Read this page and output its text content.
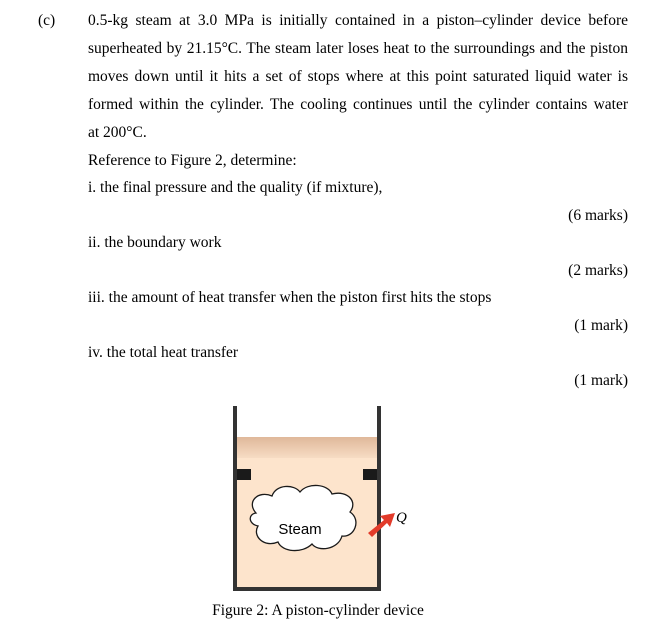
(c) 0.5-kg steam at 3.0 MPa is initially contained in a piston–cylinder device before
superheated by 21.15°C. The steam later loses heat to the surroundings and the piston
moves down until it hits a set of stops where at this point saturated liquid water is
formed within the cylinder. The cooling continues until the cylinder contains water
at 200°C.
Reference to Figure 2, determine:
i. the final pressure and the quality (if mixture),
(6 marks)
ii. the boundary work
(2 marks)
iii. the amount of heat transfer when the piston first hits the stops
(1 mark)
iv. the total heat transfer
(1 mark)
Steam
Q
Figure 2: A piston-cylinder device
